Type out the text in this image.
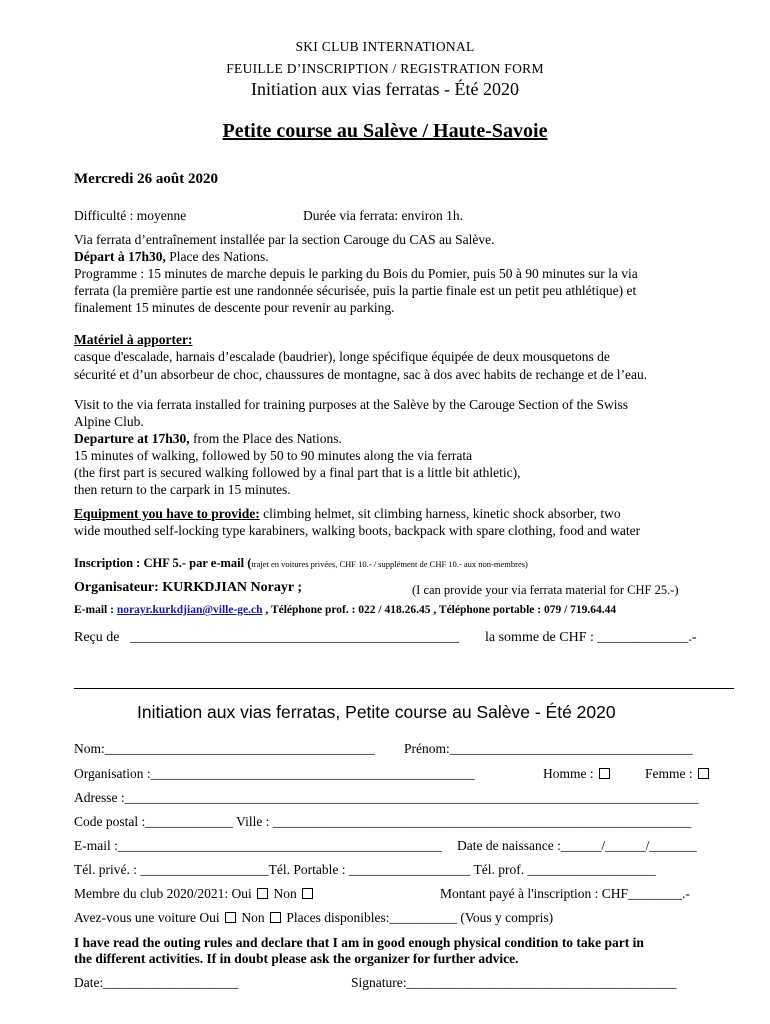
SKI CLUB INTERNATIONAL
FEUILLE D’INSCRIPTION / REGISTRATION FORM
Initiation aux vias ferratas - Été 2020
Petite course au Salève / Haute-Savoie
Mercredi 26 août 2020
Difficulté : moyenne	Durée via ferrata: environ 1h.
Via ferrata d’entraînement installée par la section Carouge du CAS au Salève.
Départ à 17h30, Place des Nations.
Programme : 15 minutes de marche depuis le parking du Bois du Pomier, puis 50 à 90 minutes sur la via
ferrata (la première partie est une randonnée sécurisée, puis la partie finale est un petit peu athlétique) et
finalement 15 minutes de descente pour revenir au parking.
Matériel à apporter:
casque d'escalade, harnais d’escalade (baudrier), longe spécifique équipée de deux mousquetons de
sécurité et d’un absorbeur de choc, chaussures de montagne, sac à dos avec habits de rechange et de l’eau.
Visit to the via ferrata installed for training purposes at the Salève by the Carouge Section of the Swiss
Alpine Club.
Departure at 17h30, from the Place des Nations.
15 minutes of walking, followed by 50 to 90 minutes along the via ferrata
(the first part is secured walking followed by a final part that is a little bit athletic),
then return to the carpark in 15 minutes.
Equipment you have to provide: climbing helmet, sit climbing harness, kinetic shock absorber, two
wide mouthed self-locking type karabiners, walking boots, backpack with spare clothing, food and water
Inscription : CHF 5.- par e-mail (trajet en voitures privées, CHF 10.- / supplément de CHF 10.- aux non-membres)
Organisateur: KURKDJIAN Norayr ;	(I can provide your via ferrata material for CHF 25.-)
E-mail : norayr.kurkdjian@ville-ge.ch , Téléphone prof. : 022 / 418.26.45 , Téléphone portable : 079 / 719.64.44
Reçu de _______________________________________________ la somme de CHF : _____________.-
Initiation aux vias ferratas, Petite course au Salève - Été 2020
Nom:________________________________________ Prénom:____________________________________
Organisation :________________________________________________	Homme :	Femme :
Adresse :_____________________________________________________________________________________
Code postal :_____________ Ville : ______________________________________________________________
E-mail :________________________________________________ Date de naissance :______/______/_______
Tél. privé. : ___________________Tél. Portable : __________________ Tél. prof. ___________________
Membre du club 2020/2021: Oui Non	Montant payé à l'inscription : CHF________.-
Avez-vous une voiture Oui Non Places disponibles:__________ (Vous y compris)
I have read the outing rules and declare that I am in good enough physical condition to take part in
the different activities. If in doubt please ask the organizer for further advice.
Date:____________________	Signature:________________________________________
